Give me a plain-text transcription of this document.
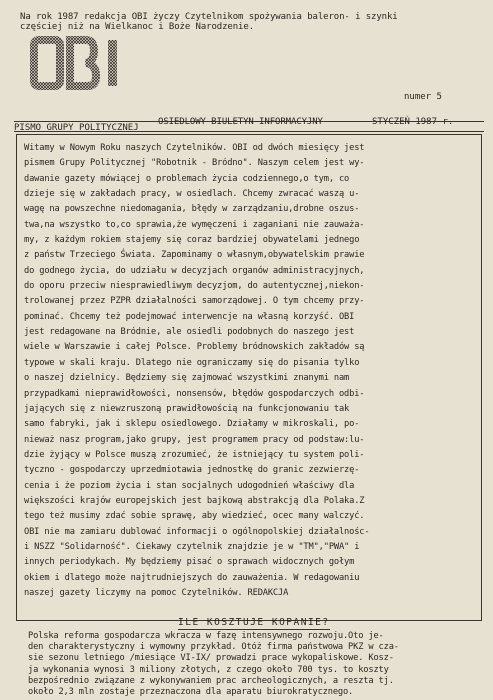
Na rok 1987 redakcja OBI życzy Czytelnikom spożywania baleron- i szynki
częściej niż na Wielkanoc i Boże Narodzenie.
numer 5
OSIEDLOWY BIULETYN INFORMACYJNY	STYCZEŃ 1987 r.
PISMO GRUPY POLITYCZNEJ
Witamy w Nowym Roku naszych Czytelników. OBI od dwóch miesięcy jest
pismem Grupy Politycznej "Robotnik - Bródno". Naszym celem jest wy-
dawanie gazety mówiącej o problemach życia codziennego,o tym, co
dzieje się w zakładach pracy, w osiedlach. Chcemy zwracać waszą u-
wagę na powszechne niedomagania, błędy w zarządzaniu,drobne oszus-
twa,na wszystko to,co sprawia,że wymęczeni i zaganiani nie zauważa-
my, z każdym rokiem stajemy się coraz bardziej obywatelami jednego
z państw Trzeciego Świata. Zapominamy o własnym,obywatelskim prawie
do godnego życia, do udziału w decyzjach organów administracyjnych,
do oporu przeciw niesprawiedliwym decyzjom, do autentycznej,niekon-
trolowanej przez PZPR działalności samorządowej. O tym chcemy przy-
pominać. Chcemy też podejmować interwencje na własną korzyść. OBI
jest redagowane na Bródnie, ale osiedli podobnych do naszego jest
wiele w Warszawie i całej Polsce. Problemy bródnowskich zakładów są
typowe w skali kraju. Dlatego nie ograniczamy się do pisania tylko
o naszej dzielnicy. Będziemy się zajmować wszystkimi znanymi nam
przypadkami nieprawidłowości, nonsensów, błędów gospodarczych odbi-
jających się z niewzruszoną prawidłowością na funkcjonowaniu tak
samo fabryki, jak i sklepu osiedlowego. Działamy w mikroskali, po-
nieważ nasz program,jako grupy, jest programem pracy od podstaw:lu-
dzie żyjący w Polsce muszą zrozumieć, że istniejący tu system poli-
tyczno - gospodarczy uprzedmiotawia jednostkę do granic zezwierzę-
cenia i że poziom życia i stan socjalnych udogodnień właściwy dla
większości krajów europejskich jest bajkową abstrakcją dla Polaka.Z
tego też musimy zdać sobie sprawę, aby wiedzieć, ocec many walczyć.
OBI nie ma zamiaru dublować informacji o ogólnopolskiej działalnośc-
i NSZZ "Solidarność". Ciekawy czytelnik znajdzie je w "TM","PWA" i
innych periodykach. My będziemy pisać o sprawach widocznych gołym
okiem i dlatego może najtrudniejszych do zauważenia. W redagowaniu
naszej gazety liczymy na pomoc Czytelników. REDAKCJA
ILE KOSZTUJE KOPANIE?
Polska reforma gospodarcza wkracza w fazę intensywnego rozwoju.Oto je-
den charakterystyczny i wymowny przykład. Otóż firma państwowa PKZ w cza-
sie sezonu letniego /miesiące VI-IX/ prowadzi prace wykopaliskowe. Kosz-
ja wykonania wynosi 3 miliony złotych, z czego około 700 tys. to koszty
bezpośrednio związane z wykonywaniem prac archeologicznych, a reszta tj.
około 2,3 mln zostaje przeznaczona dla aparatu biurokratycznego.
